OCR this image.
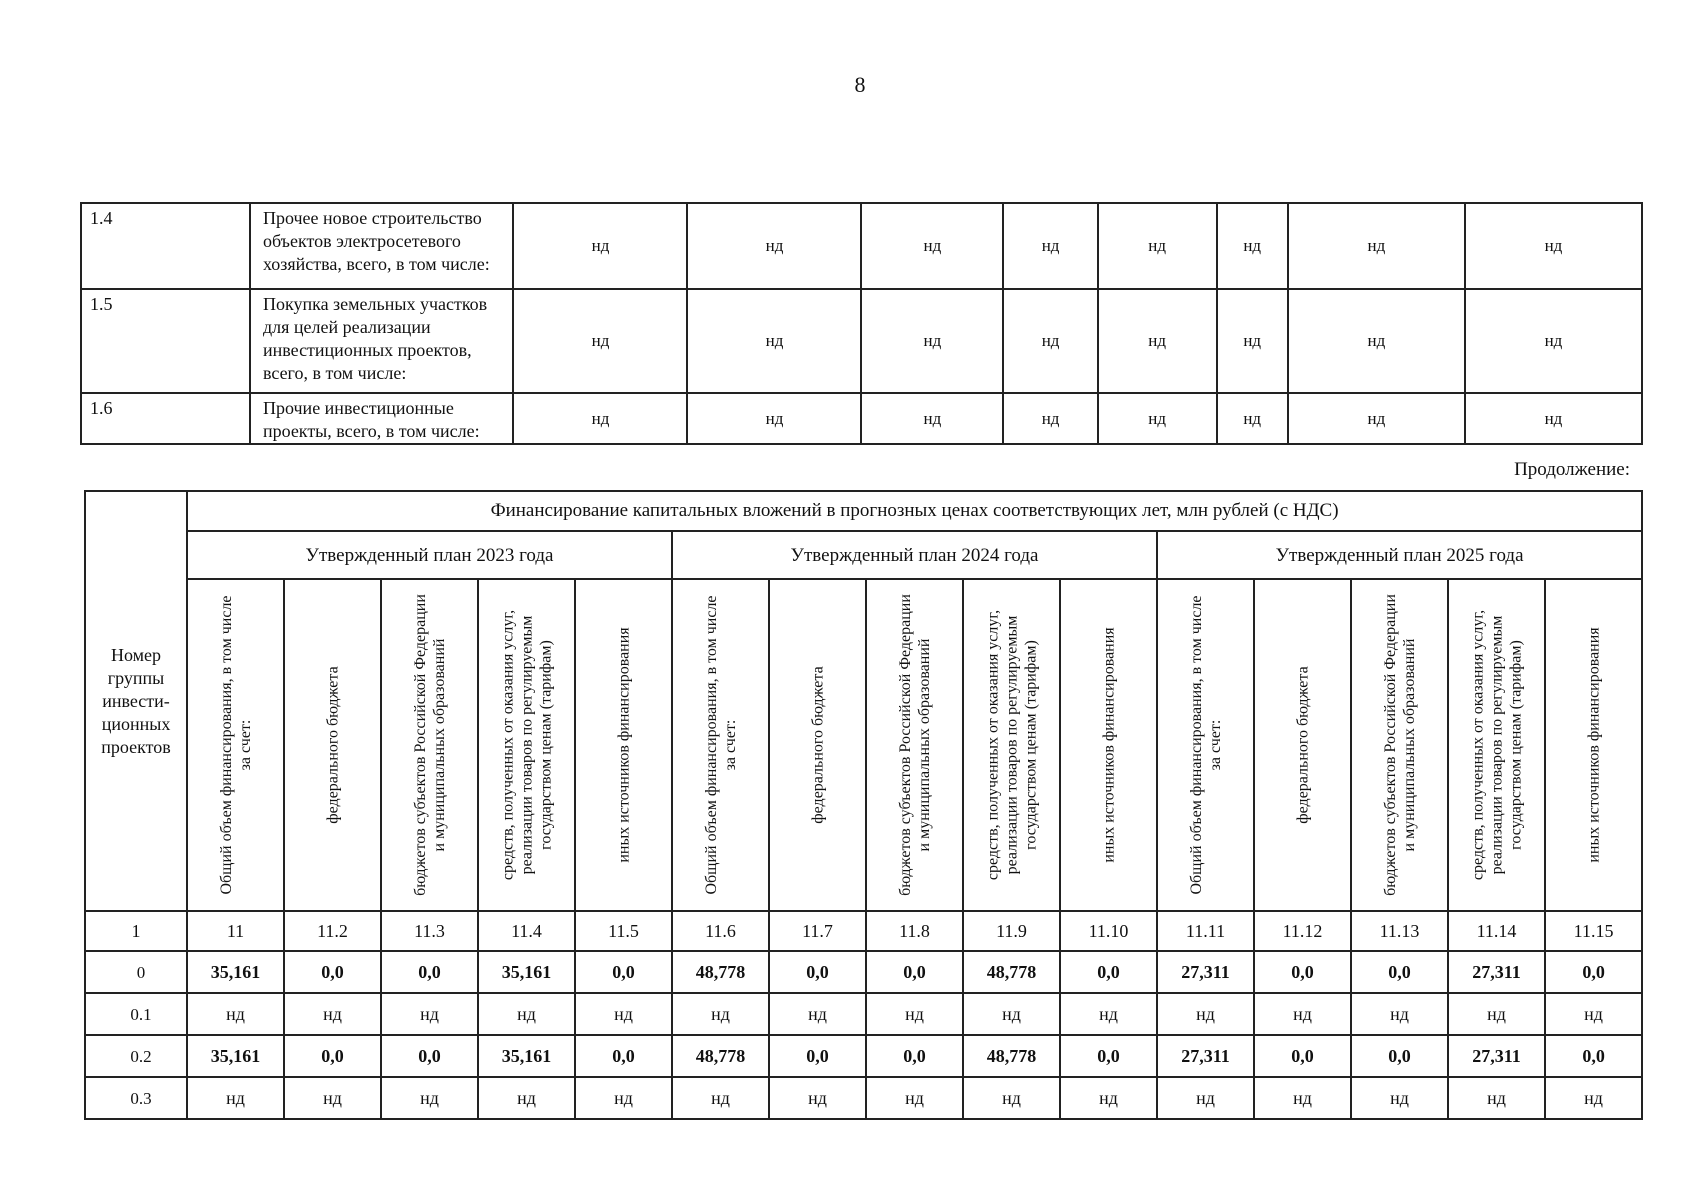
8
1.4	Прочее новое строительство объектов электросетевого хозяйства, всего, в том числе:	нд	нд	нд	нд	нд	нд	нд	нд
1.5	Покупка земельных участков для целей реализации инвестиционных проектов, всего, в том числе:	нд	нд	нд	нд	нд	нд	нд	нд
1.6	Прочие инвестиционные проекты, всего, в том числе:	нд	нд	нд	нд	нд	нд	нд	нд
Продолжение:
Номер группы инвести-ционных проектов	Финансирование капитальных вложений в прогнозных ценах соответствующих лет, млн рублей (с НДС)														
	Утвержденный план 2023 года					Утвержденный план 2024 года					Утвержденный план 2025 года				

	Общий объем финансирования, в том числе за счет:	федерального бюджета	бюджетов субъектов Российской Федерации и муниципальных образований	средств, полученных от оказания услуг, реализации товаров по регулируемым государством ценам (тарифам)	иных источников финансирования	Общий объем финансирования, в том числе за счет:	федерального бюджета	бюджетов субъектов Российской Федерации и муниципальных образований	средств, полученных от оказания услуг, реализации товаров по регулируемым государством ценам (тарифам)	иных источников финансирования	Общий объем финансирования, в том числе за счет:	федерального бюджета	бюджетов субъектов Российской Федерации и муниципальных образований	средств, полученных от оказания услуг, реализации товаров по регулируемым государством ценам (тарифам)	иных источников финансирования

1	11	11.2	11.3	11.4	11.5	11.6	11.7	11.8	11.9	11.10	11.11	11.12	11.13	11.14	11.15
0	35,161	0,0	0,0	35,161	0,0	48,778	0,0	0,0	48,778	0,0	27,311	0,0	0,0	27,311	0,0
0.1	нд	нд	нд	нд	нд	нд	нд	нд	нд	нд	нд	нд	нд	нд	нд
0.2	35,161	0,0	0,0	35,161	0,0	48,778	0,0	0,0	48,778	0,0	27,311	0,0	0,0	27,311	0,0
0.3	нд	нд	нд	нд	нд	нд	нд	нд	нд	нд	нд	нд	нд	нд	нд
